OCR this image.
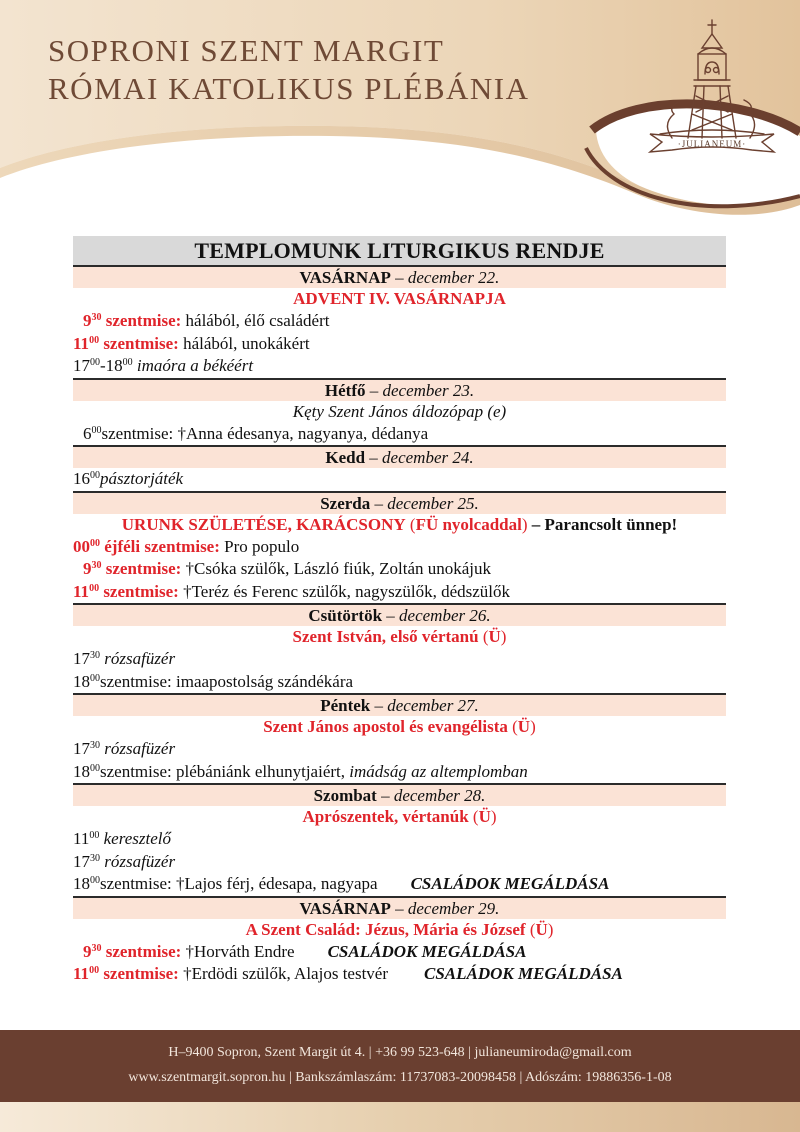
SOPRONI SZENT MARGIT
RÓMAI KATOLIKUS PLÉBÁNIA
·JULIANEUM·
TEMPLOMUNK LITURGIKUS RENDJE
VASÁRNAP – december 22.
ADVENT IV. VASÁRNAPJA
$9^{30}$ szentmise: hálából, élő családért
$11^{00}$ szentmise: hálából, unokákért
$17^{00}-18^{00}$ imaóra a békéért
Hétfő – december 23.
Kęty Szent János áldozópap (e)
$6^{00}szentmise$: †Anna édesanya, nagyanya, dédanya
Kedd – december 24.
$16^{00}pásztorjáték$
Szerda – december 25.
URUNK SZÜLETÉSE, KARÁCSONY (FÜ nyolcaddal) – Parancsolt ünnep!
$00^{00}$ éjféli szentmise: Pro populo
$9^{30}$ szentmise: †Csóka szülők, László fiúk, Zoltán unokájuk
$11^{00}$ szentmise: †Teréz és Ferenc szülők, nagyszülők, dédszülők
Csütörtök – december 26.
Szent István, első vértanú (Ü)
$17^{30}$ rózsafüzér
$18^{00}szentmise$: imaapostolság szándékára
Péntek – december 27.
Szent János apostol és evangélista (Ü)
$17^{30}$ rózsafüzér
$18^{00}szentmise$: plébániánk elhunytjaiért, imádság az altemplomban
Szombat – december 28.
Aprószentek, vértanúk (Ü)
$11^{00}$ keresztelő
$17^{30}$ rózsafüzér
$18^{00}szentmise$: †Lajos férj, édesapa, nagyapa CSALÁDOK MEGÁLDÁSA
VASÁRNAP – december 29.
A Szent Család: Jézus, Mária és József (Ü)
$9^{30}$ szentmise: †Horváth Endre CSALÁDOK MEGÁLDÁSA
$11^{00}$ szentmise: †Erdödi szülők, Alajos testvér CSALÁDOK MEGÁLDÁSA
H–9400 Sopron, Szent Margit út 4. | +36 99 523-648 | julianeumiroda@gmail.com
www.szentmargit.sopron.hu | Bankszámlaszám: 11737083-20098458 | Adószám: 19886356-1-08
